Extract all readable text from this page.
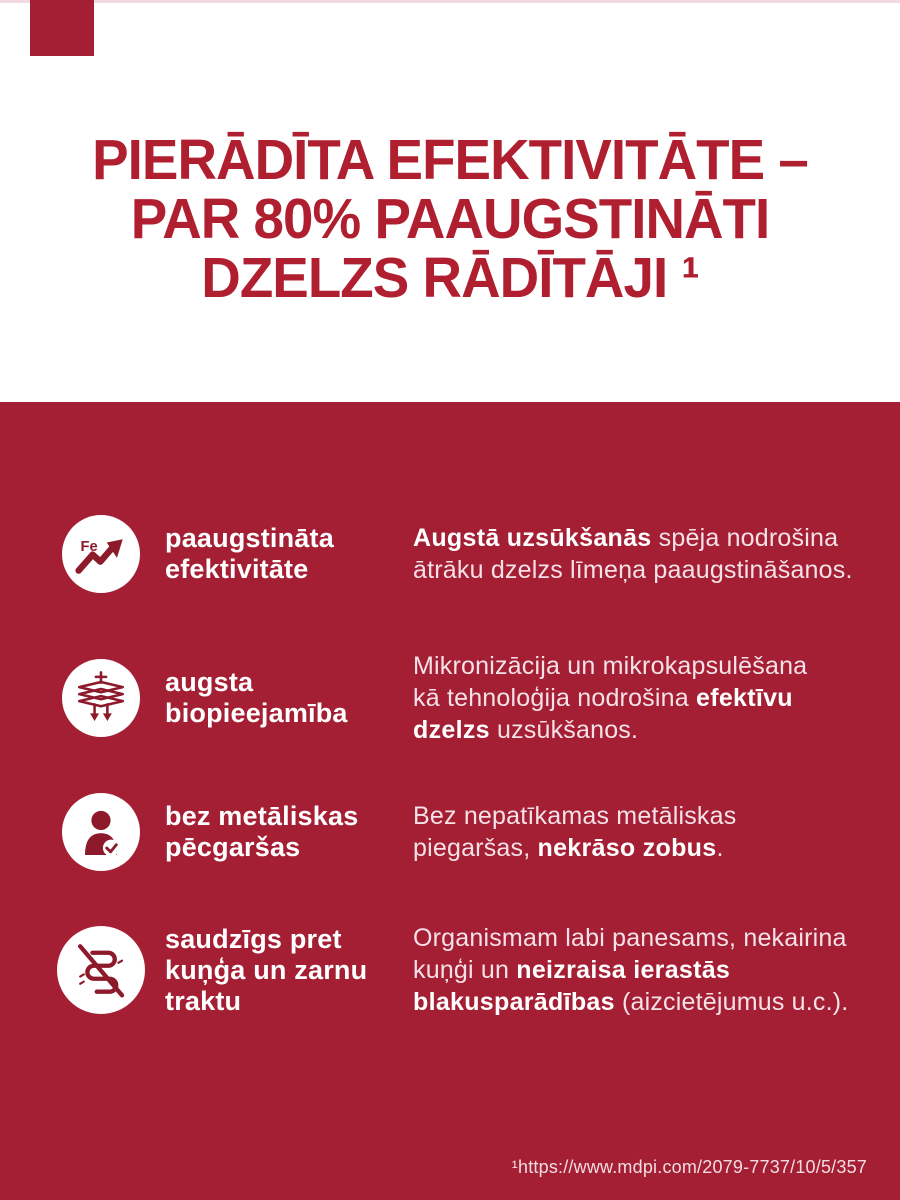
PIERĀDĪTA EFEKTIVITĀTE –
PAR 80% PAAUGSTINĀTI
DZELZS RĀDĪTĀJI ¹
Fe paaugstināta
efektivitāte

Augstā uzsūkšanās spēja nodrošina
ātrāku dzelzs līmeņa paaugstināšanos.

augsta
biopieejamība

Mikronizācija un mikrokapsulēšana
kā tehnoloģija nodrošina efektīvu
dzelzs uzsūkšanos.

bez metāliskas
pēcgaršas

Bez nepatīkamas metāliskas
piegaršas, nekrāso zobus.

saudzīgs pret
kuņģa un zarnu
traktu

Organismam labi panesams, nekairina
kuņģi un neizraisa ierastās
blakusparādības (aizcietējumus u.c.).

¹https://www.mdpi.com/2079-7737/10/5/357
